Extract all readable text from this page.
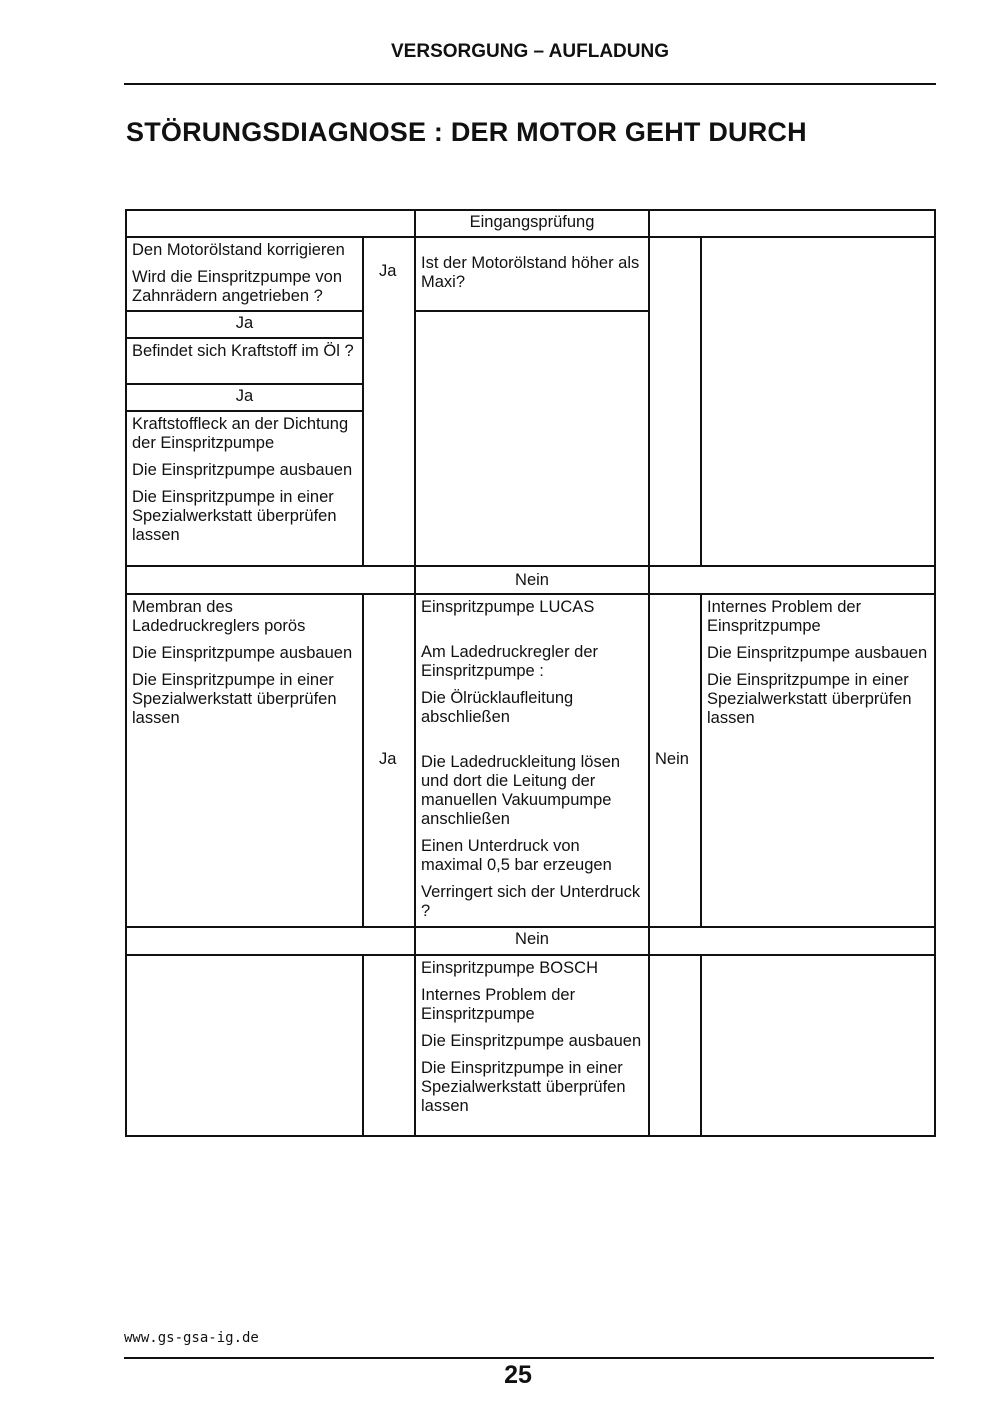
VERSORGUNG – AUFLADUNG
STÖRUNGSDIAGNOSE : DER MOTOR GEHT DURCH
Eingangsprüfung

Den Motorölstand korrigieren

Wird die Einspritzpumpe von Zahnrädern angetrieben ?

Ja	Ist der Motorölstand höher als Maxi?
Ja
Befindet sich Kraftstoff im Öl ?
Ja

Kraftstoffleck an der Dichtung der Einspritzpumpe

Die Einspritzpumpe ausbauen

Die Einspritzpumpe in einer Spezialwerkstatt überprüfen lassen

Nein

Membran des Ladedruckreglers porös

Die Einspritzpumpe ausbauen

Die Einspritzpumpe in einer Spezialwerkstatt überprüfen lassen

Ja

Einspritzpumpe LUCAS

Am Ladedruckregler der Einspritzpumpe :

Die Ölrücklaufleitung abschließen

Die Ladedruckleitung lösen und dort die Leitung der manuellen Vakuumpumpe anschließen

Einen Unterdruck von maximal 0,5 bar erzeugen

Verringert sich der Unterdruck ?

Nein

Internes Problem der Einspritzpumpe

Die Einspritzpumpe ausbauen

Die Einspritzpumpe in einer Spezialwerkstatt überprüfen lassen

Nein

Einspritzpumpe BOSCH

Internes Problem der Einspritzpumpe

Die Einspritzpumpe ausbauen

Die Einspritzpumpe in einer Spezialwerkstatt überprüfen lassen

www.gs-gsa-ig.de
25
